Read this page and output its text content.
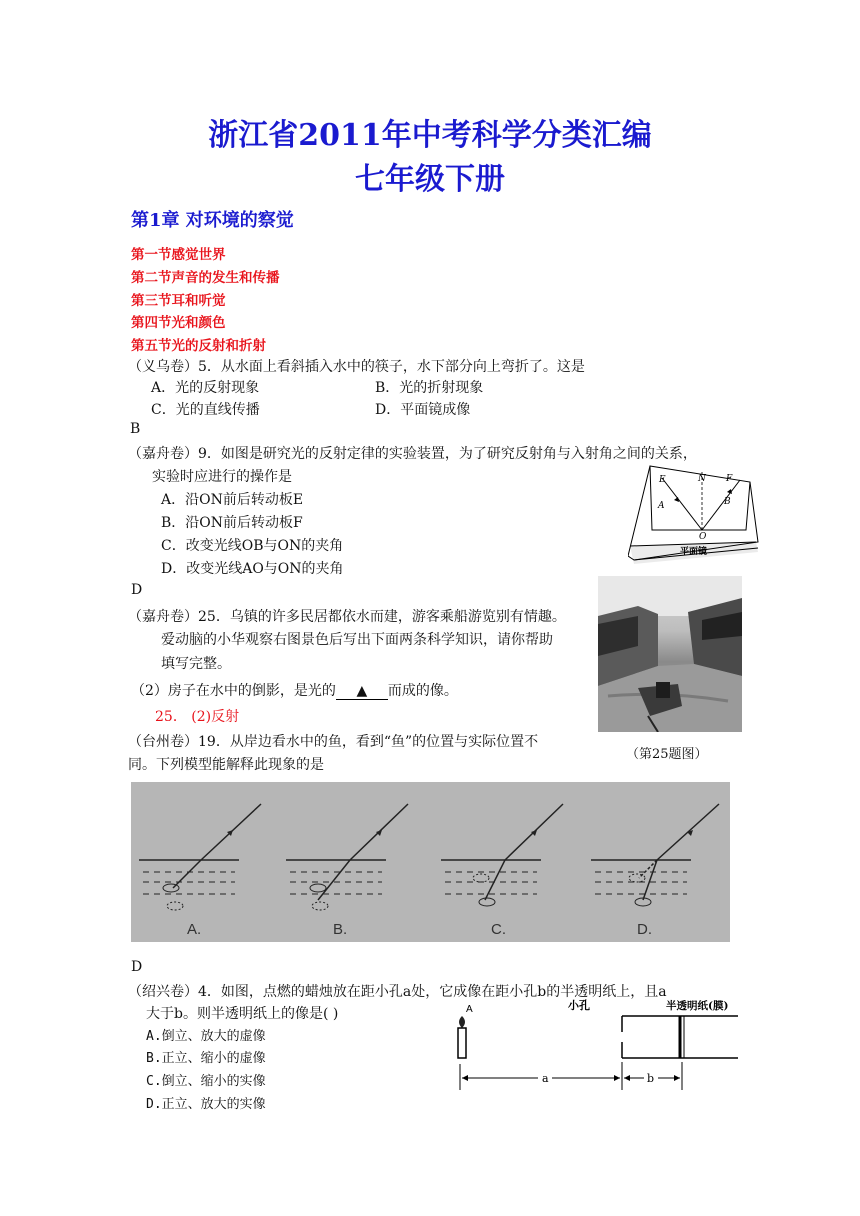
浙江省2011年中考科学分类汇编
七年级下册
第1章 对环境的察觉
第一节感觉世界
第二节声音的发生和传播
第三节耳和听觉
第四节光和颜色
第五节光的反射和折射
（义乌卷）5．从水面上看斜插入水中的筷子，水下部分向上弯折了。这是
A．光的反射现象	B．光的折射现象
C．光的直线传播	D．平面镜成像
B
（嘉舟卷）9．如图是研究光的反射定律的实验装置，为了研究反射角与入射角之间的关系，
实验时应进行的操作是
A．沿ON前后转动板E
B．沿ON前后转动板F
C．改变光线OB与ON的夹角
D．改变光线AO与ON的夹角
D
E	N F
A	B
O
平面镜
（嘉舟卷）25．乌镇的许多民居都依水而建，游客乘船游览别有情趣。
爱动脑的小华观察右图景色后写出下面两条科学知识，请你帮助
填写完整。
（2）房子在水中的倒影，是光的 ▲ 而成的像。
25． (2)反射
（第25题图）
（台州卷）19．从岸边看水中的鱼，看到“鱼”的位置与实际位置不
同。下列模型能解释此现象的是
A.	B.	C.	D.
D
（绍兴卷）4．如图，点燃的蜡烛放在距小孔a处，它成像在距小孔b的半透明纸上，且a
大于b。则半透明纸上的像是( )
A.倒立、放大的虚像
B.正立、缩小的虚像
C.倒立、缩小的实像
D.正立、放大的实像
A	小孔	半透明纸(膜)
a	b
